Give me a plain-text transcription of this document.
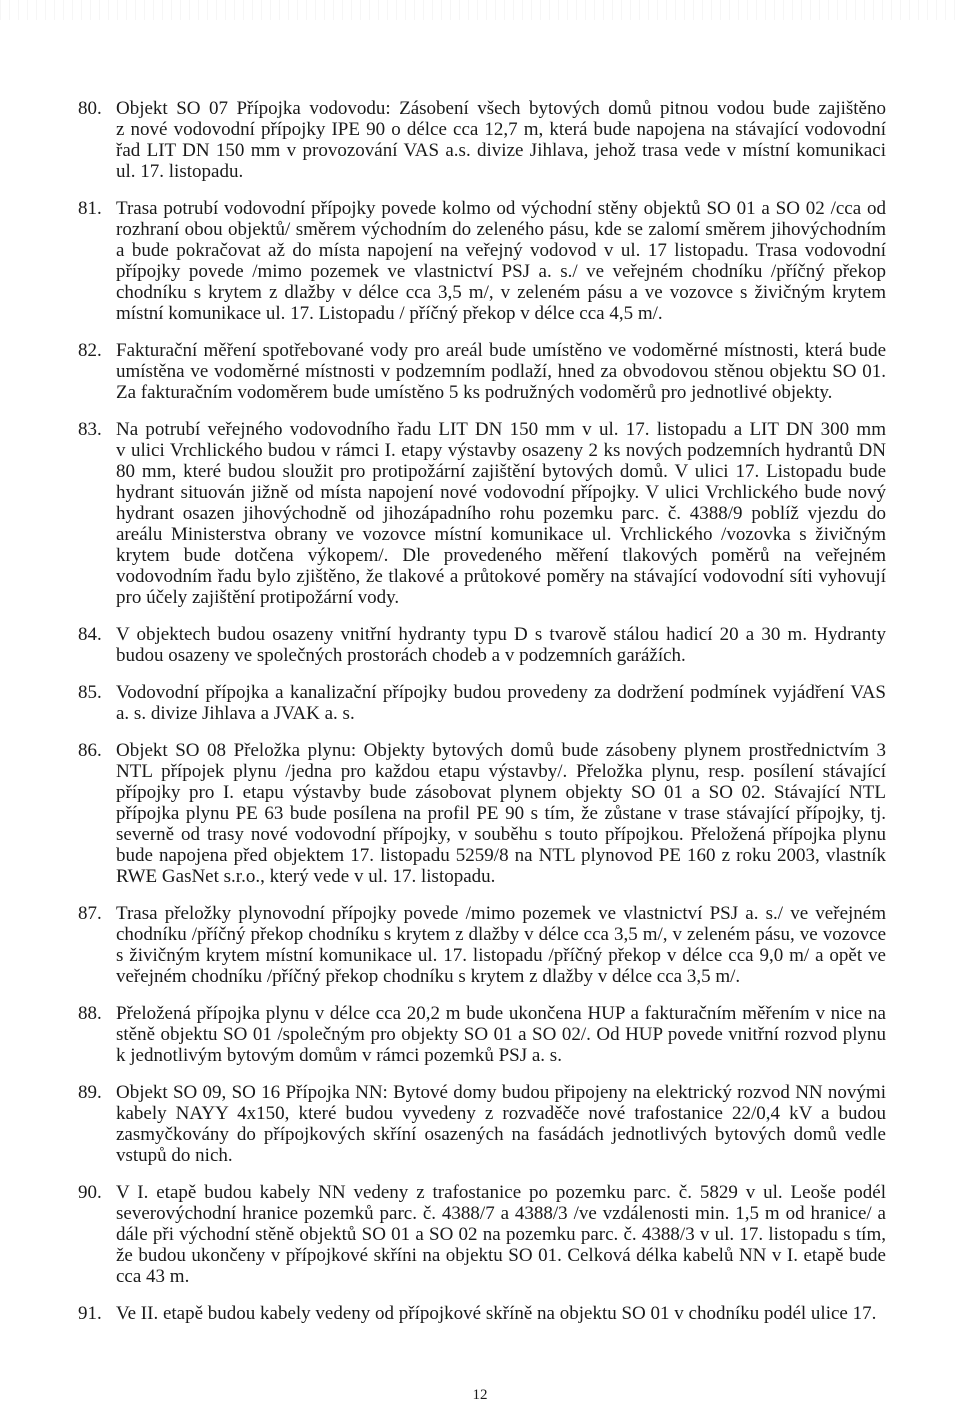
80. Objekt SO 07 Přípojka vodovodu: Zásobení všech bytových domů pitnou vodou bude zajištěno
z nové vodovodní přípojky IPE 90 o délce cca 12,7 m, která bude napojena na stávající vodovodní
řad LIT DN 150 mm v provozování VAS a.s. divize Jihlava, jehož trasa vede v místní komunikaci
ul. 17. listopadu.
81. Trasa potrubí vodovodní přípojky povede kolmo od východní stěny objektů SO 01 a SO 02 /cca od
rozhraní obou objektů/ směrem východním do zeleného pásu, kde se zalomí směrem jihovýchodním
a bude pokračovat až do místa napojení na veřejný vodovod v ul. 17 listopadu. Trasa vodovodní
přípojky povede /mimo pozemek ve vlastnictví PSJ a. s./ ve veřejném chodníku /příčný překop
chodníku s krytem z dlažby v délce cca 3,5 m/, v zeleném pásu a ve vozovce s živičným krytem
místní komunikace ul. 17. Listopadu / příčný překop v délce cca 4,5 m/.
82. Fakturační měření spotřebované vody pro areál bude umístěno ve vodoměrné místnosti, která bude
umístěna ve vodoměrné místnosti v podzemním podlaží, hned za obvodovou stěnou objektu SO 01.
Za fakturačním vodoměrem bude umístěno 5 ks podružných vodoměrů pro jednotlivé objekty.
83. Na potrubí veřejného vodovodního řadu LIT DN 150 mm v ul. 17. listopadu a LIT DN 300 mm
v ulici Vrchlického budou v rámci I. etapy výstavby osazeny 2 ks nových podzemních hydrantů DN
80 mm, které budou sloužit pro protipožární zajištění bytových domů. V ulici 17. Listopadu bude
hydrant situován jižně od místa napojení nové vodovodní přípojky. V ulici Vrchlického bude nový
hydrant osazen jihovýchodně od jihozápadního rohu pozemku parc. č. 4388/9 poblíž vjezdu do
areálu Ministerstva obrany ve vozovce místní komunikace ul. Vrchlického /vozovka s živičným
krytem bude dotčena výkopem/. Dle provedeného měření tlakových poměrů na veřejném
vodovodním řadu bylo zjištěno, že tlakové a průtokové poměry na stávající vodovodní síti vyhovují
pro účely zajištění protipožární vody.
84. V objektech budou osazeny vnitřní hydranty typu D s tvarově stálou hadicí 20 a 30 m. Hydranty
budou osazeny ve společných prostorách chodeb a v podzemních garážích.
85. Vodovodní přípojka a kanalizační přípojky budou provedeny za dodržení podmínek vyjádření VAS
a. s. divize Jihlava a JVAK a. s.
86. Objekt SO 08 Přeložka plynu: Objekty bytových domů bude zásobeny plynem prostřednictvím 3
NTL přípojek plynu /jedna pro každou etapu výstavby/. Přeložka plynu, resp. posílení stávající
přípojky pro I. etapu výstavby bude zásobovat plynem objekty SO 01 a SO 02. Stávající NTL
přípojka plynu PE 63 bude posílena na profil PE 90 s tím, že zůstane v trase stávající přípojky, tj.
severně od trasy nové vodovodní přípojky, v souběhu s touto přípojkou. Přeložená přípojka plynu
bude napojena před objektem 17. listopadu 5259/8 na NTL plynovod PE 160 z roku 2003, vlastník
RWE GasNet s.r.o., který vede v ul. 17. listopadu.
87. Trasa přeložky plynovodní přípojky povede /mimo pozemek ve vlastnictví PSJ a. s./ ve veřejném
chodníku /příčný překop chodníku s krytem z dlažby v délce cca 3,5 m/, v zeleném pásu, ve vozovce
s živičným krytem místní komunikace ul. 17. listopadu /příčný překop v délce cca 9,0 m/ a opět ve
veřejném chodníku /příčný překop chodníku s krytem z dlažby v délce cca 3,5 m/.
88. Přeložená přípojka plynu v délce cca 20,2 m bude ukončena HUP a fakturačním měřením v nice na
stěně objektu SO 01 /společným pro objekty SO 01 a SO 02/. Od HUP povede vnitřní rozvod plynu
k jednotlivým bytovým domům v rámci pozemků PSJ a. s.
89. Objekt SO 09, SO 16 Přípojka NN: Bytové domy budou připojeny na elektrický rozvod NN novými
kabely NAYY 4x150, které budou vyvedeny z rozvaděče nové trafostanice 22/0,4 kV a budou
zasmyčkovány do přípojkových skříní osazených na fasádách jednotlivých bytových domů vedle
vstupů do nich.
90. V I. etapě budou kabely NN vedeny z trafostanice po pozemku parc. č. 5829 v ul. Leoše podél
severovýchodní hranice pozemků parc. č. 4388/7 a 4388/3 /ve vzdálenosti min. 1,5 m od hranice/ a
dále při východní stěně objektů SO 01 a SO 02 na pozemku parc. č. 4388/3 v ul. 17. listopadu s tím,
že budou ukončeny v přípojkové skříni na objektu SO 01. Celková délka kabelů NN v I. etapě bude
cca 43 m.
91. Ve II. etapě budou kabely vedeny od přípojkové skříně na objektu SO 01 v chodníku podél ulice 17.
12
